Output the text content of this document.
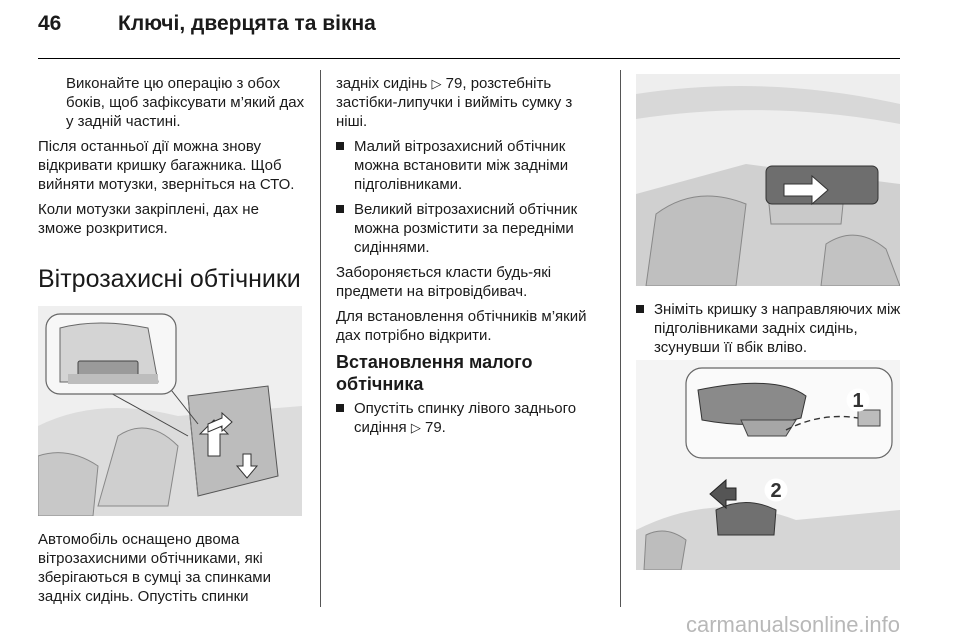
46	Ключі, дверцята та вікна

Виконайте цю операцію з обох боків, щоб зафіксувати м’який дах у задній частині.

Після останньої дії можна знову відкривати кришку багажника. Щоб вийняти мотузки, зверніться на СТО.

Коли мотузки закріплені, дах не зможе розкритися.

Вітрозахисні обтічники

Автомобіль оснащено двома вітрозахисними обтічниками, які зберігаються в сумці за спинками задніх сидінь. Опустіть спинки

задніх сидінь ▷ 79, розстебніть застібки-липучки і вийміть сумку з ніші.

Малий вітрозахисний обтічник можна встановити між задніми підголівниками.
Великий вітрозахисний обтічник можна розмістити за передніми сидіннями.

Забороняється класти будь-які предмети на вітровідбивач.

Для встановлення обтічників м’який дах потрібно відкрити.

Встановлення малого обтічника
Опустіть спинку лівого заднього сидіння ▷ 79.
Зніміть кришку з направляючих між підголівниками задніх сидінь, зсунувши її вбік вліво.
1
2
carmanualsonline.info
